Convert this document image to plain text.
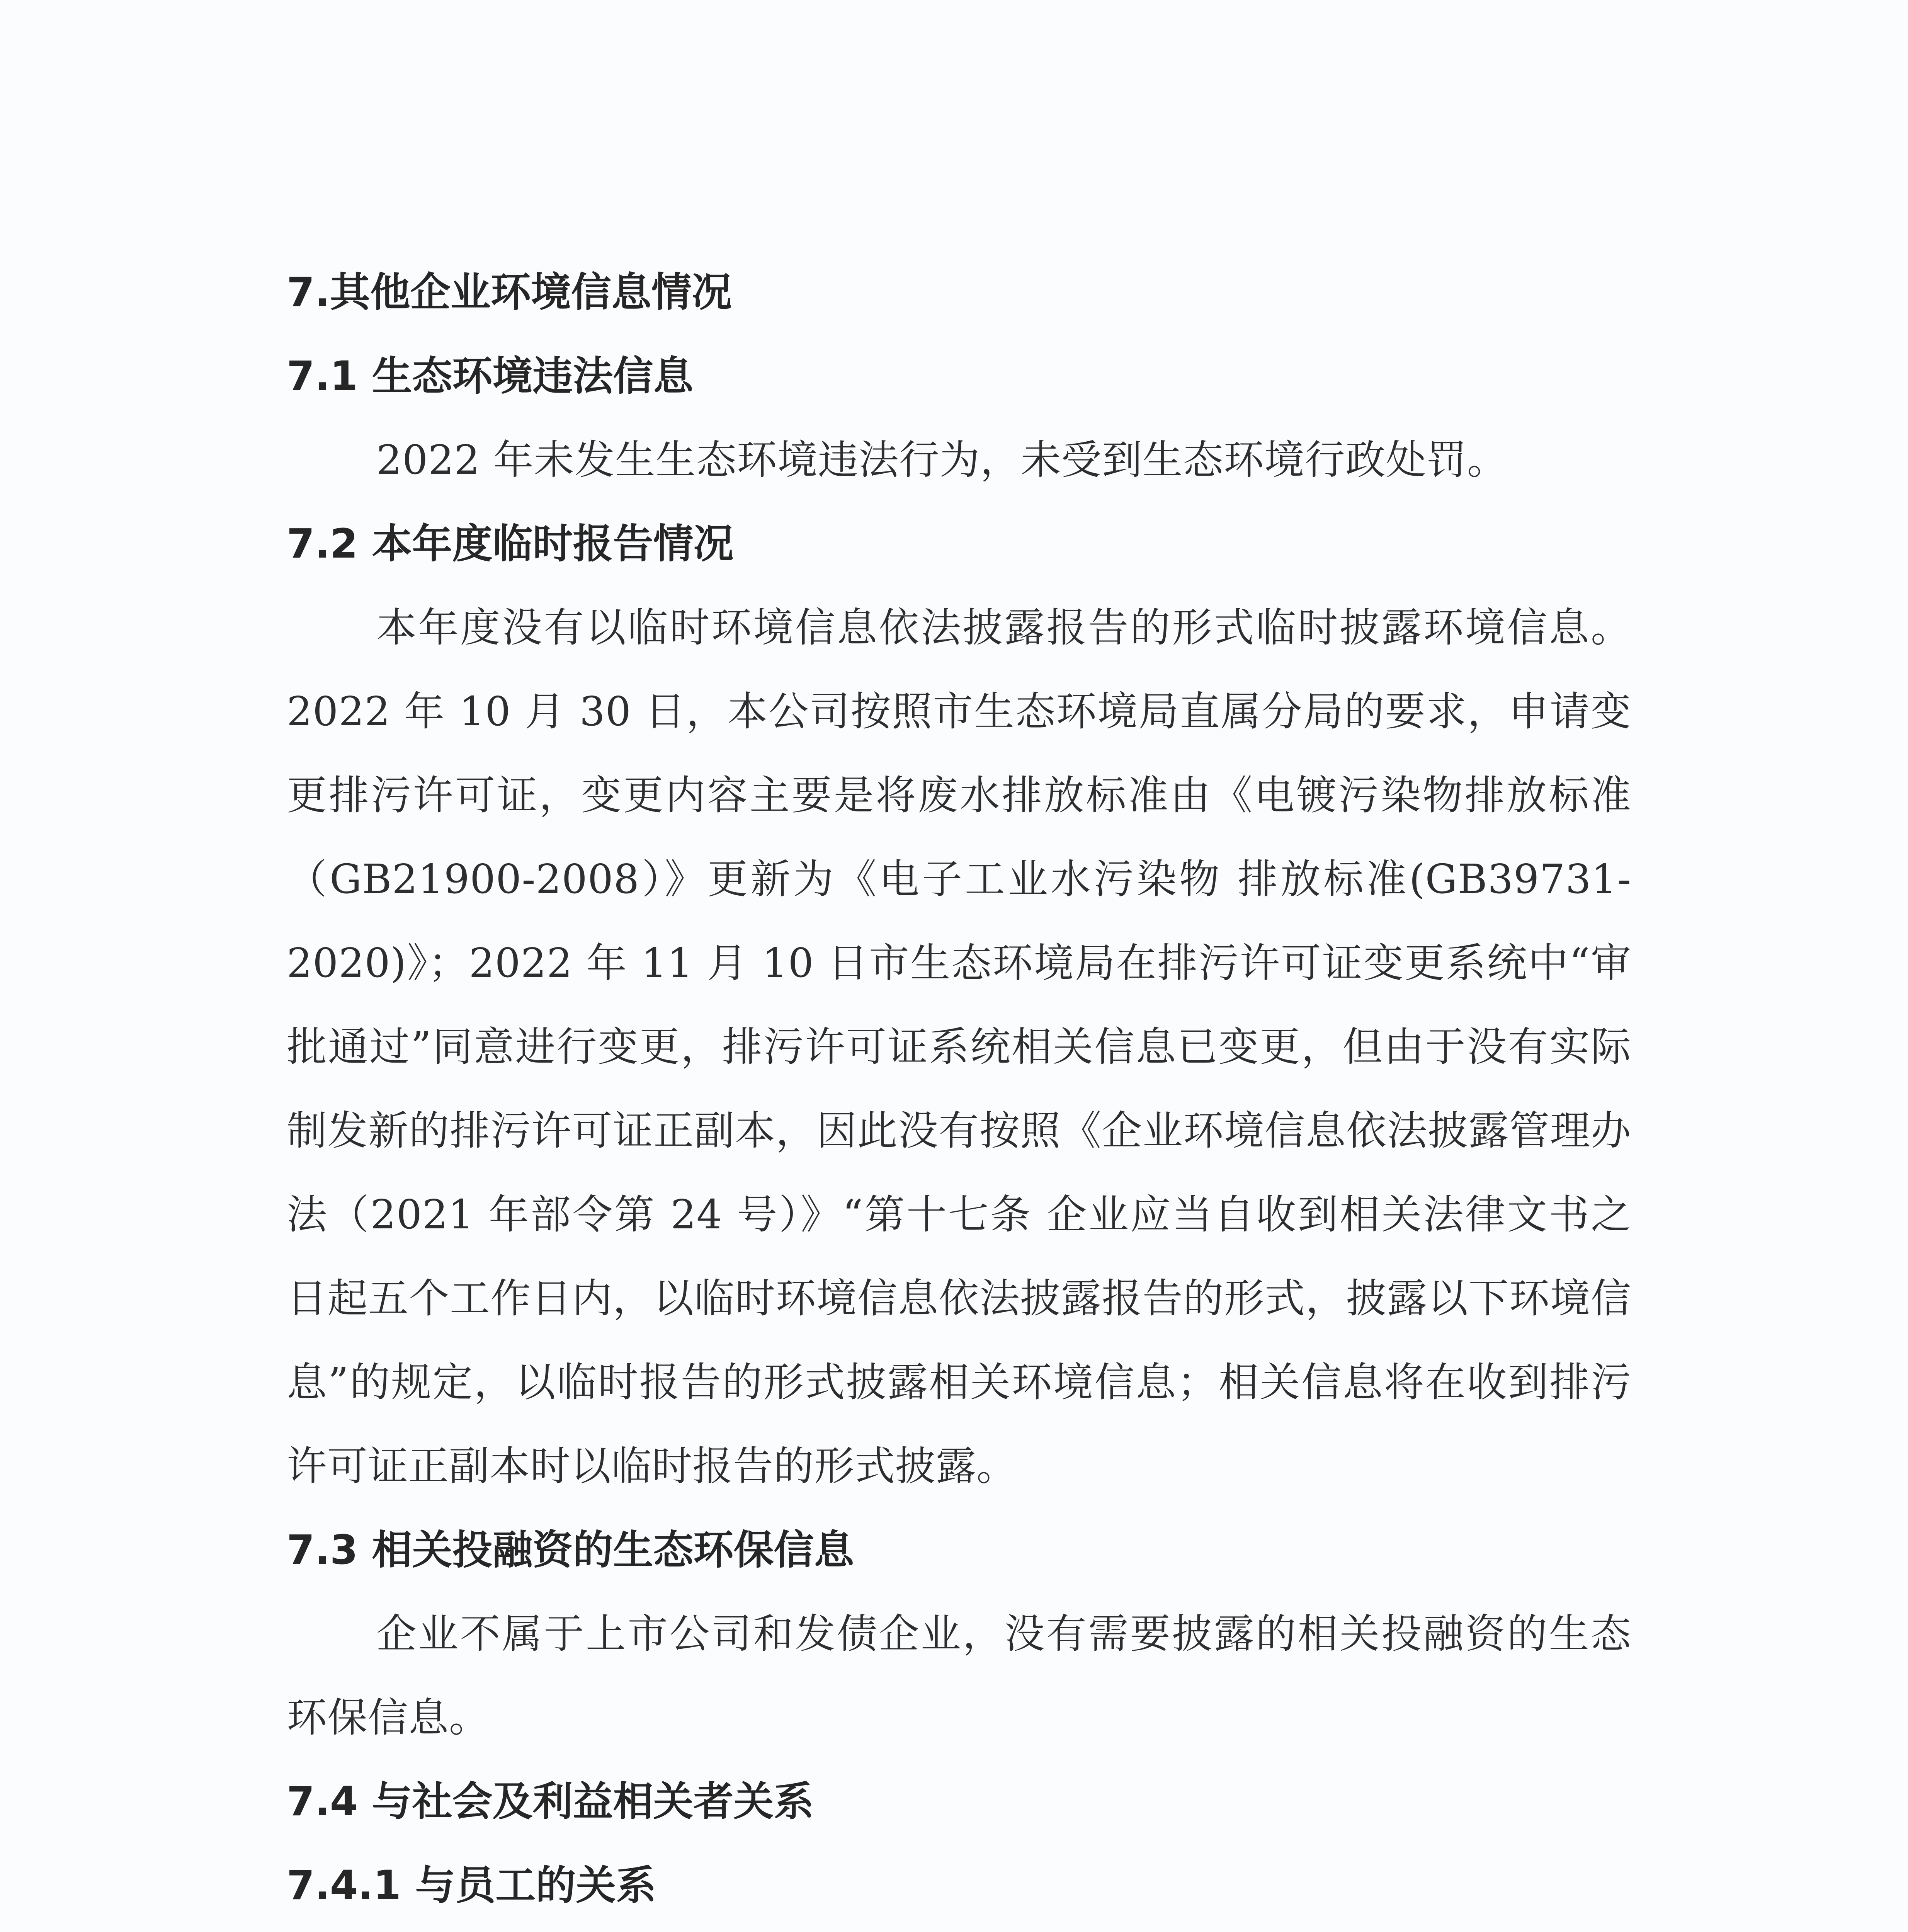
7.其他企业环境信息情况
7.1 生态环境违法信息

2022 年未发生生态环境违法行为，未受到生态环境行政处罚。

7.2 本年度临时报告情况

本年度没有以临时环境信息依法披露报告的形式临时披露环境信息。2022 年 10 月 30 日，本公司按照市生态环境局直属分局的要求，申请变更排污许可证，变更内容主要是将废水排放标准由《电镀污染物排放标准（GB21900-2008）》更新为《电子工业水污染物 排放标准(GB39731-2020)》；2022 年 11 月 10 日市生态环境局在排污许可证变更系统中“审批通过”同意进行变更，排污许可证系统相关信息已变更，但由于没有实际制发新的排污许可证正副本，因此没有按照《企业环境信息依法披露管理办法（2021 年部令第 24 号）》“第十七条 企业应当自收到相关法律文书之日起五个工作日内，以临时环境信息依法披露报告的形式，披露以下环境信息”的规定，以临时报告的形式披露相关环境信息；相关信息将在收到排污许可证正副本时以临时报告的形式披露。

7.3 相关投融资的生态环保信息

企业不属于上市公司和发债企业，没有需要披露的相关投融资的生态环保信息。

7.4 与社会及利益相关者关系
7.4.1 与员工的关系
